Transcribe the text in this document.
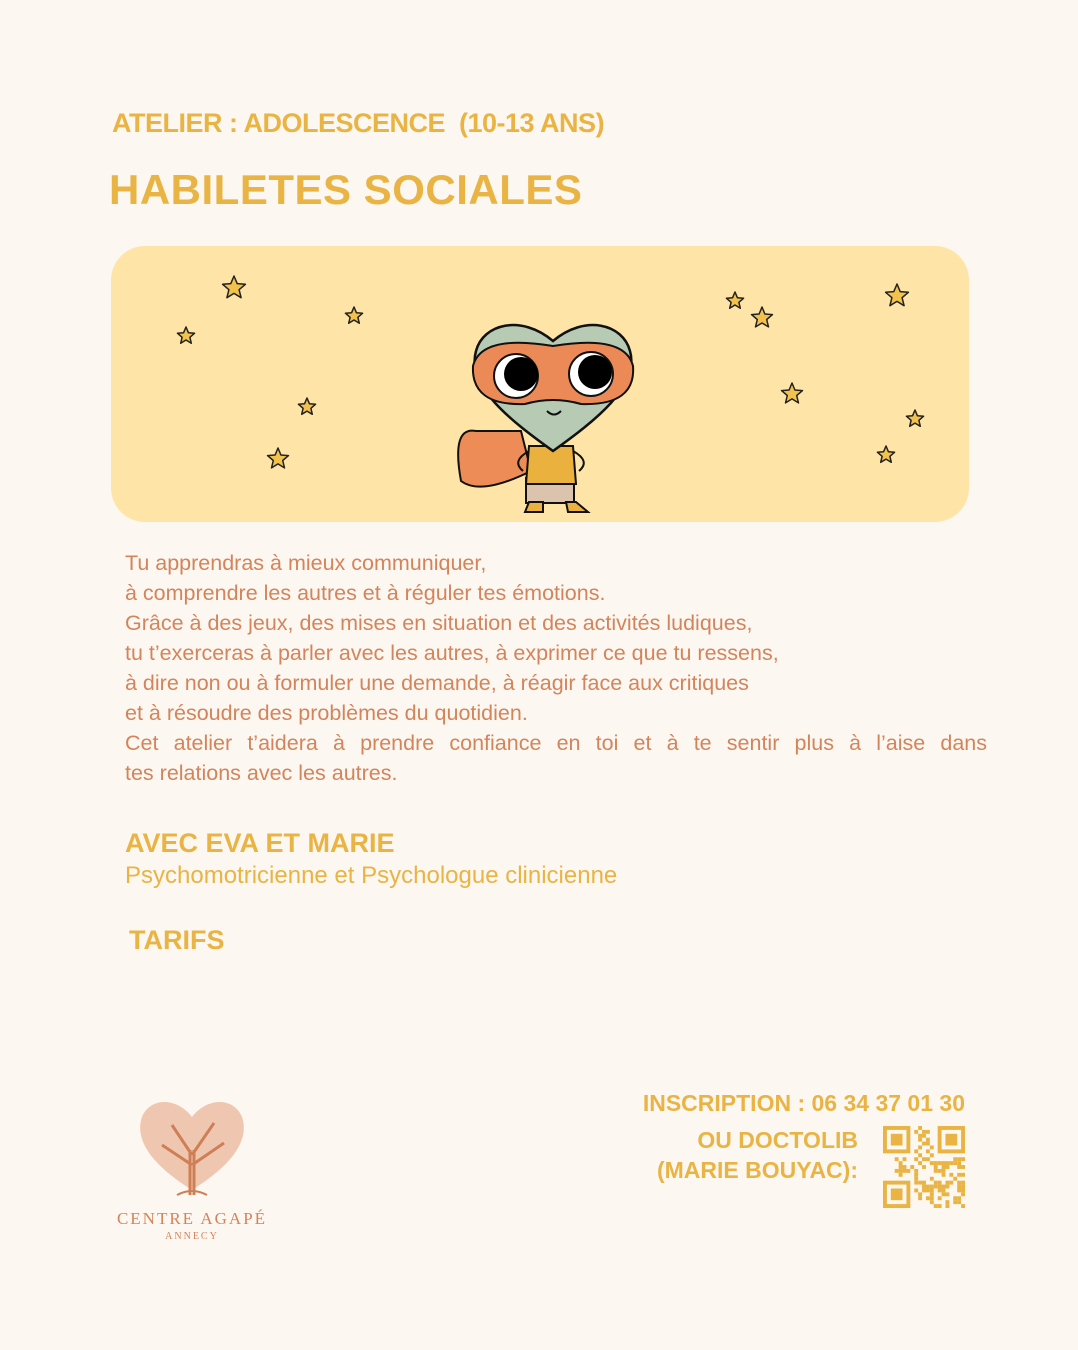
ATELIER : ADOLESCENCE  (10-13 ANS)
HABILETES SOCIALES

Tu apprendras à mieux communiquer,

à comprendre les autres et à réguler tes émotions.

Grâce à des jeux, des mises en situation et des activités ludiques,

tu t’exerceras à parler avec les autres, à exprimer ce que tu ressens,

à dire non ou à formuler une demande, à réagir face aux critiques

et à résoudre des problèmes du quotidien.

Cet atelier t’aidera à prendre confiance en toi et à te sentir plus à l’aise dans

tes relations avec les autres.

AVEC EVA ET MARIE
Psychomotricienne et Psychologue clinicienne
TARIFS
CENTRE AGAPÉ
ANNECY
INSCRIPTION : 06 34 37 01 30
OU DOCTOLIB
(MARIE BOUYAC):
